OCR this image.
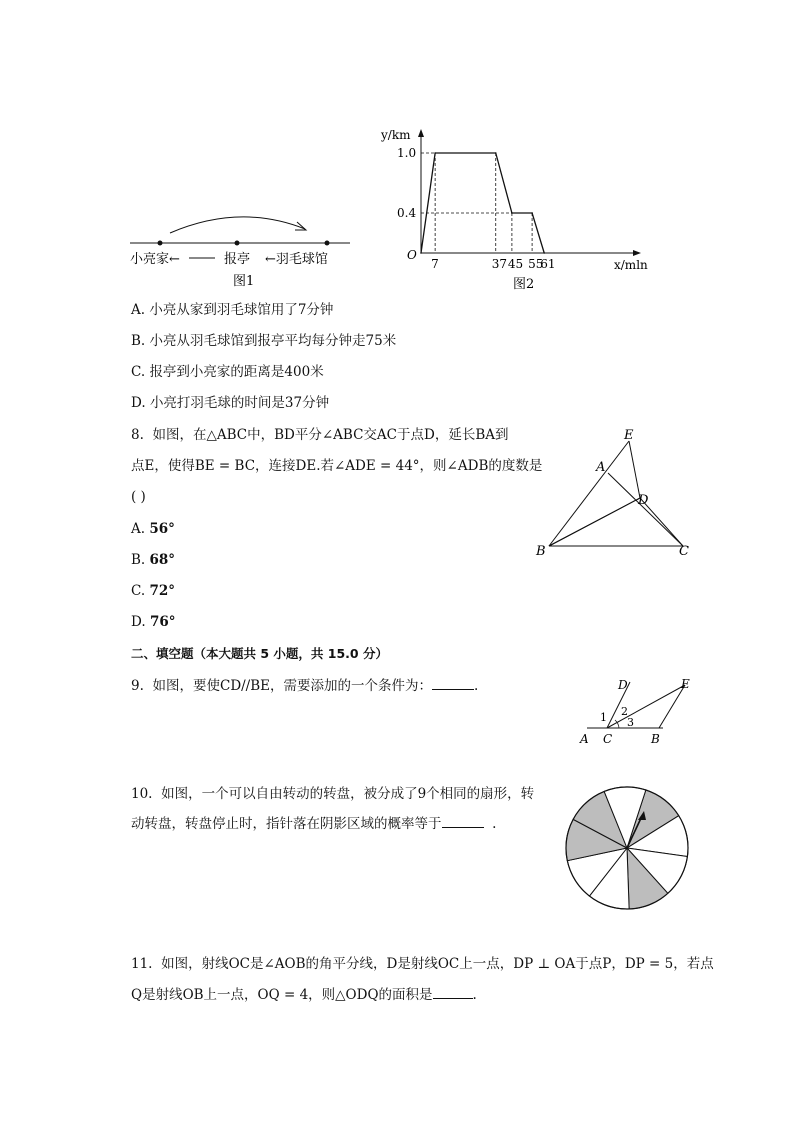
小亮家←	报亭 ←羽毛球馆
图1
y/km
x/mln
O
1.0
0.4
7	37 45 55
61
图2
A. 小亮从家到羽毛球馆用了7分钟
B. 小亮从羽毛球馆到报亭平均每分钟走75米
C. 报亭到小亮家的距离是400米
D. 小亮打羽毛球的时间是37分钟
8. 如图，在△ABC中，BD平分∠ABC交AC于点D，延长BA到
点E，使得BE = BC，连接DE.若∠ADE = 44°，则∠ADB的度数是
( )
A. 56°
B. 68°
C. 72°
D. 76°
E
A
D
B	C
二、填空题（本大题共 5 小题，共 15.0 分）
9. 如图，要使CD//BE，需要添加的一个条件为：	.	D	E
A C	B
1 2
3
10. 如图，一个可以自由转动的转盘，被分成了9个相同的扇形，转
动转盘，转盘停止时，指针落在阴影区域的概率等于	.
11. 如图，射线OC是∠AOB的角平分线，D是射线OC上一点，DP ⊥ OA于点P，DP = 5，若点
Q是射线OB上一点，OQ = 4，则△ODQ的面积是	.
